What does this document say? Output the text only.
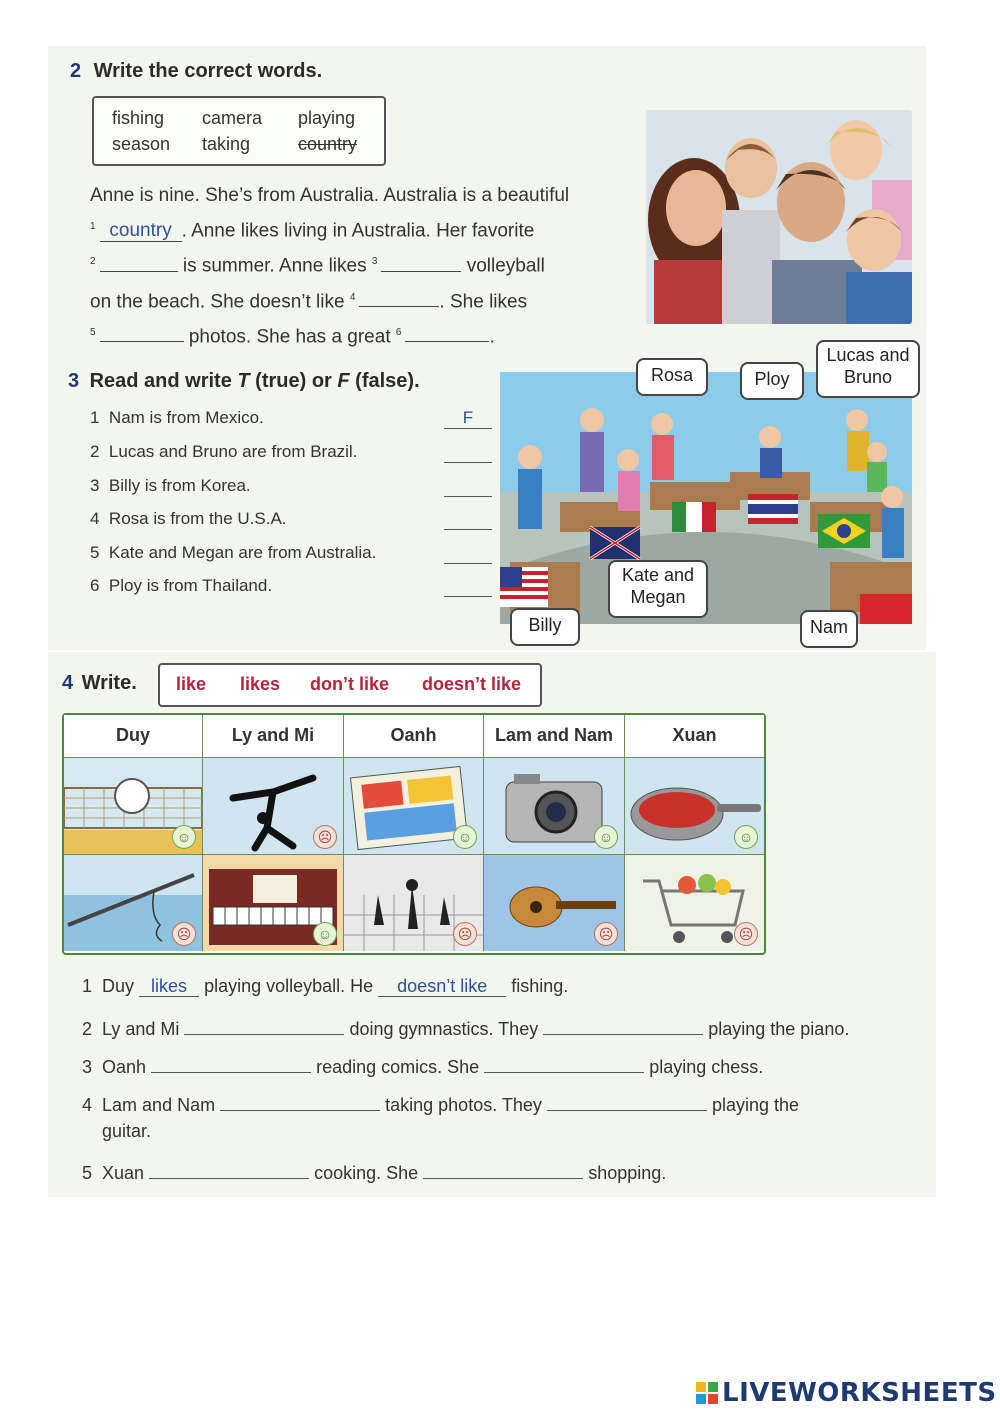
2 Write the correct words.
fishing camera playing
season taking	country
Anne is nine. She’s from Australia. Australia is a beautiful
$^1$ country . Anne likes living in Australia. Her favorite
$^2$	is summer. Anne likes $^3$	volleyball
on the beach. She doesn’t like $^4$	. She likes
$^5$	photos. She has a great $^6$	.
3 Read and write T (true) or F (false).
1 Nam is from Mexico.	F
2 Lucas and Bruno are from Brazil.
3 Billy is from Korea.
4 Rosa is from the U.S.A.
5 Kate and Megan are from Australia.
6 Ploy is from Thailand.
Rosa	Ploy
Lucas and
Bruno
Kate and
Megan
Billy	Nam
4 Write. like likes don’t like doesn’t like
Duy	Ly and Mi	Oanh	Lam and Nam	Xuan
☺	☹	☺	☺	☺
☹	☺	☹	☹	☹
1 Duy likes playing volleyball. He doesn’t like fishing.
2 Ly and Mi	doing gymnastics. They	playing the piano.
3 Oanh	reading comics. She	playing chess.
4 Lam and Nam	taking photos. They	playing the
guitar.
5 Xuan	cooking. She	shopping.
LIVEWORKSHEETS
